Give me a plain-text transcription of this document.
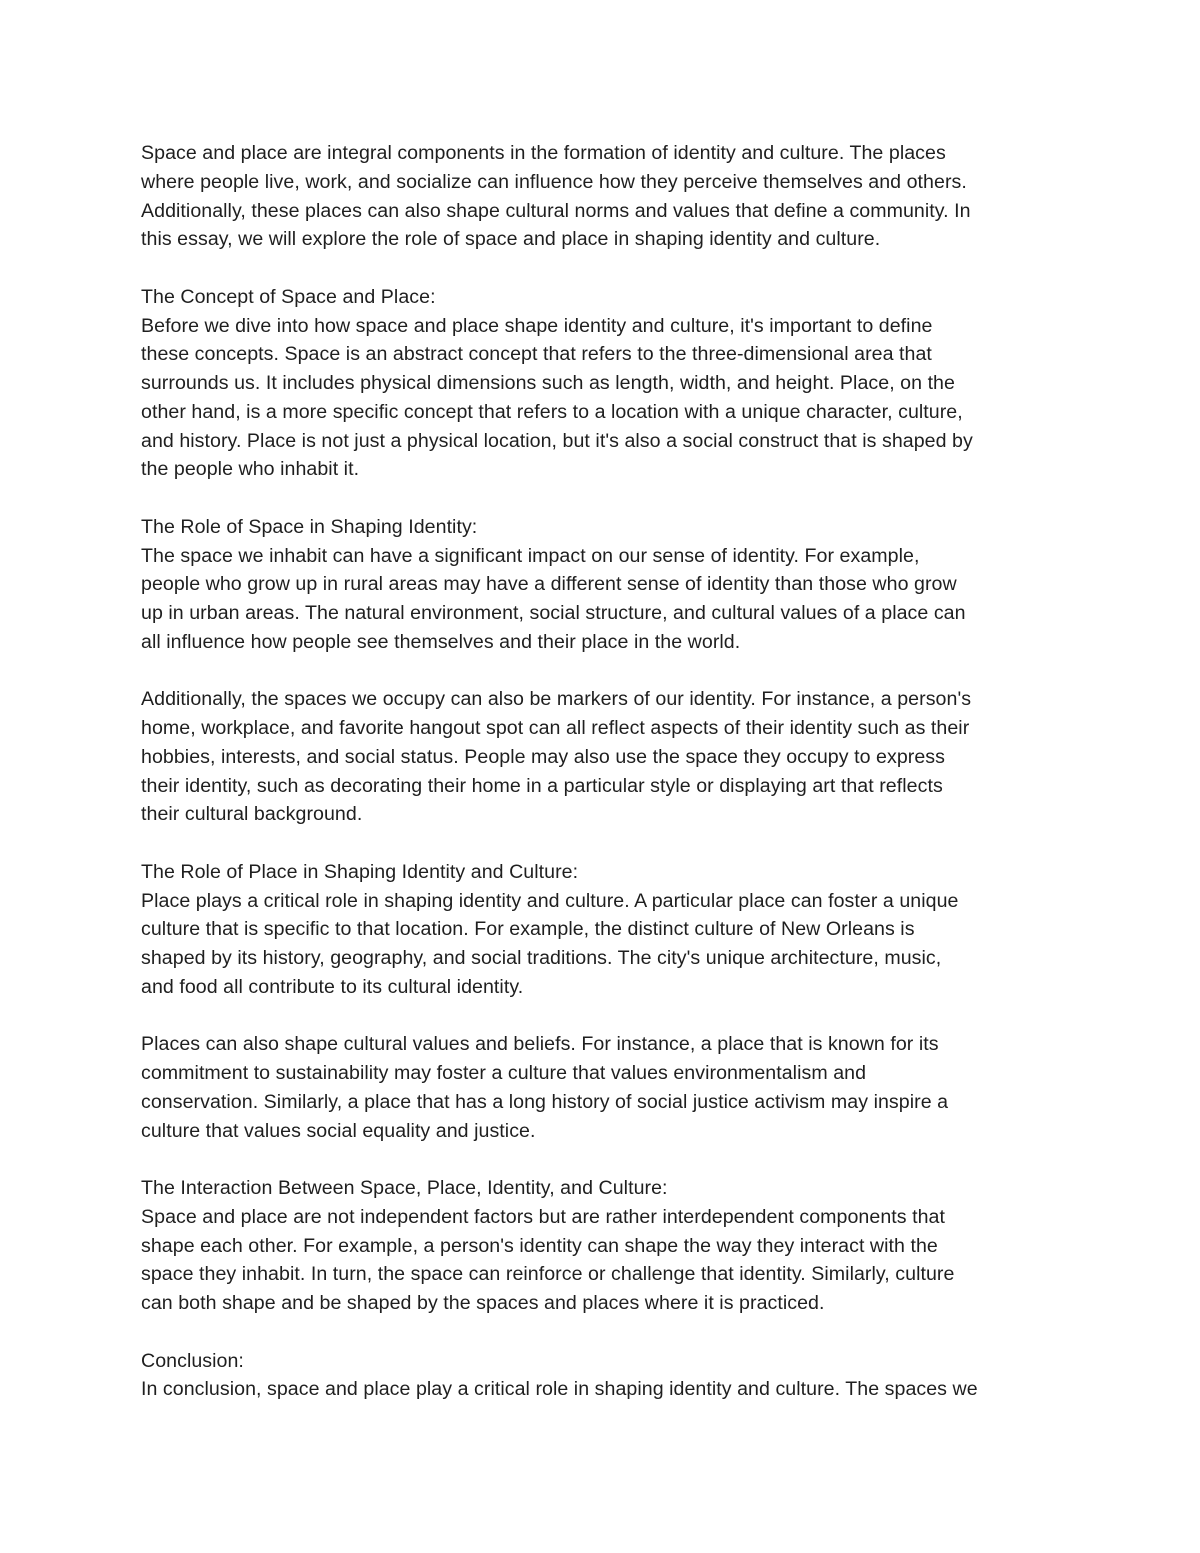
Space and place are integral components in the formation of identity and culture. The places
where people live, work, and socialize can influence how they perceive themselves and others.
Additionally, these places can also shape cultural norms and values that define a community. In
this essay, we will explore the role of space and place in shaping identity and culture.
The Concept of Space and Place:
Before we dive into how space and place shape identity and culture, it's important to define
these concepts. Space is an abstract concept that refers to the three-dimensional area that
surrounds us. It includes physical dimensions such as length, width, and height. Place, on the
other hand, is a more specific concept that refers to a location with a unique character, culture,
and history. Place is not just a physical location, but it's also a social construct that is shaped by
the people who inhabit it.
The Role of Space in Shaping Identity:
The space we inhabit can have a significant impact on our sense of identity. For example,
people who grow up in rural areas may have a different sense of identity than those who grow
up in urban areas. The natural environment, social structure, and cultural values of a place can
all influence how people see themselves and their place in the world.
Additionally, the spaces we occupy can also be markers of our identity. For instance, a person's
home, workplace, and favorite hangout spot can all reflect aspects of their identity such as their
hobbies, interests, and social status. People may also use the space they occupy to express
their identity, such as decorating their home in a particular style or displaying art that reflects
their cultural background.
The Role of Place in Shaping Identity and Culture:
Place plays a critical role in shaping identity and culture. A particular place can foster a unique
culture that is specific to that location. For example, the distinct culture of New Orleans is
shaped by its history, geography, and social traditions. The city's unique architecture, music,
and food all contribute to its cultural identity.
Places can also shape cultural values and beliefs. For instance, a place that is known for its
commitment to sustainability may foster a culture that values environmentalism and
conservation. Similarly, a place that has a long history of social justice activism may inspire a
culture that values social equality and justice.
The Interaction Between Space, Place, Identity, and Culture:
Space and place are not independent factors but are rather interdependent components that
shape each other. For example, a person's identity can shape the way they interact with the
space they inhabit. In turn, the space can reinforce or challenge that identity. Similarly, culture
can both shape and be shaped by the spaces and places where it is practiced.
Conclusion:
In conclusion, space and place play a critical role in shaping identity and culture. The spaces we
